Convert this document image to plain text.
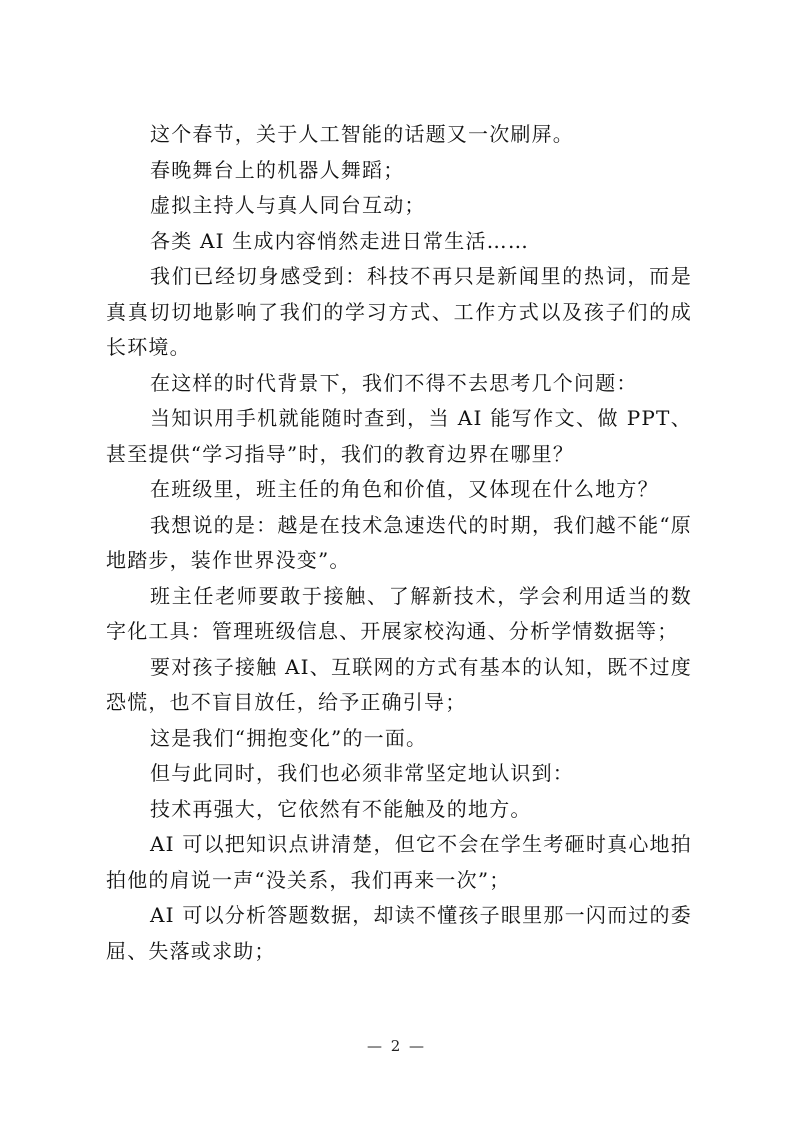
这个春节，关于人工智能的话题又一次刷屏。

春晚舞台上的机器人舞蹈；

虚拟主持人与真人同台互动；

各类 AI 生成内容悄然走进日常生活……

我们已经切身感受到：科技不再只是新闻里的热词，而是真真切切地影响了我们的学习方式、工作方式以及孩子们的成长环境。

在这样的时代背景下，我们不得不去思考几个问题：

当知识用手机就能随时查到，当 AI 能写作文、做 PPT、甚至提供“学习指导”时，我们的教育边界在哪里？

在班级里，班主任的角色和价值，又体现在什么地方？

我想说的是：越是在技术急速迭代的时期，我们越不能“原地踏步，装作世界没变”。

班主任老师要敢于接触、了解新技术，学会利用适当的数字化工具：管理班级信息、开展家校沟通、分析学情数据等；

要对孩子接触 AI、互联网的方式有基本的认知，既不过度恐慌，也不盲目放任，给予正确引导；

这是我们“拥抱变化”的一面。

但与此同时，我们也必须非常坚定地认识到：

技术再强大，它依然有不能触及的地方。

AI 可以把知识点讲清楚，但它不会在学生考砸时真心地拍拍他的肩说一声“没关系，我们再来一次”；

AI 可以分析答题数据，却读不懂孩子眼里那一闪而过的委屈、失落或求助；

— 2 —
